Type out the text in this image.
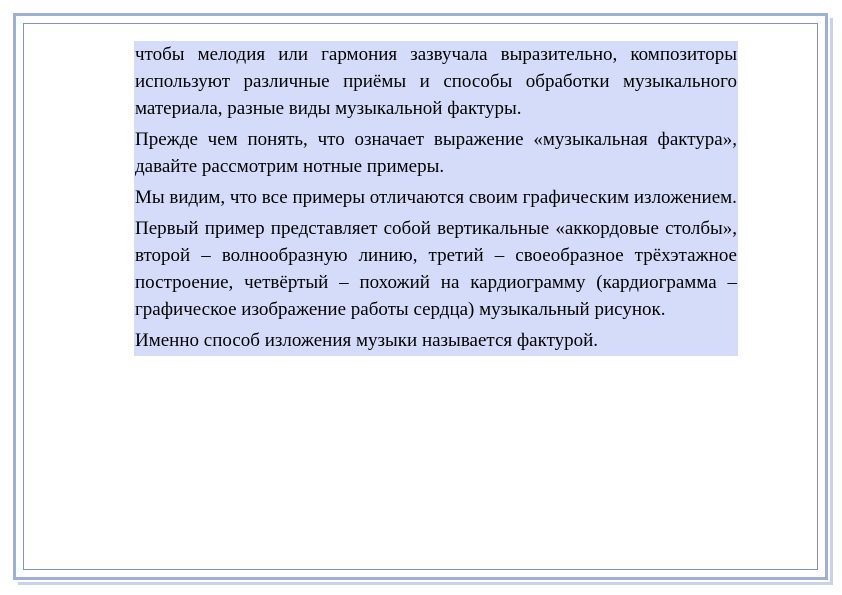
чтобы мелодия или гармония зазвучала выразительно, композиторы используют различные приёмы и способы обработки музыкального материала, разные виды музыкальной фактуры.

Прежде чем понять, что означает выражение «музыкальная фактура», давайте рассмотрим нотные примеры.

Мы видим, что все примеры отличаются своим графическим изложением.

Первый пример представляет собой вертикальные «аккордовые столбы», второй – волнообразную линию, третий – своеобразное трёхэтажное построение, четвёртый – похожий на кардиограмму (кардиограмма – графическое изображение работы сердца) музыкальный рисунок.

Именно способ изложения музыки называется фактурой.
